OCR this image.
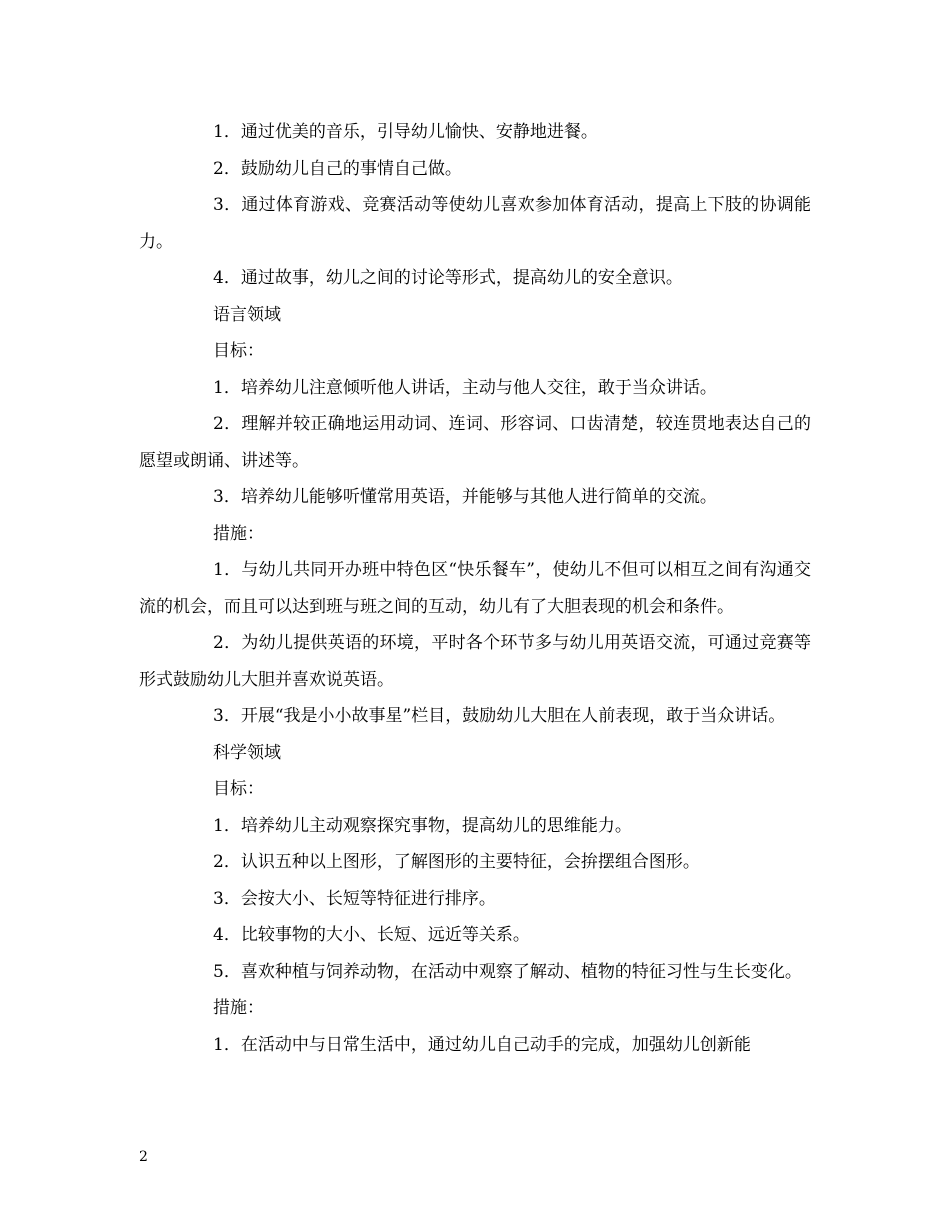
1．通过优美的音乐，引导幼儿愉快、安静地进餐。

2．鼓励幼儿自己的事情自己做。

3．通过体育游戏、竞赛活动等使幼儿喜欢参加体育活动，提高上下肢的协调能力。

4．通过故事，幼儿之间的讨论等形式，提高幼儿的安全意识。

语言领域

目标：

1．培养幼儿注意倾听他人讲话，主动与他人交往，敢于当众讲话。

2．理解并较正确地运用动词、连词、形容词、口齿清楚，较连贯地表达自己的愿望或朗诵、讲述等。

3．培养幼儿能够听懂常用英语，并能够与其他人进行简单的交流。

措施：

1．与幼儿共同开办班中特色区“快乐餐车”，使幼儿不但可以相互之间有沟通交流的机会，而且可以达到班与班之间的互动，幼儿有了大胆表现的机会和条件。

2．为幼儿提供英语的环境，平时各个环节多与幼儿用英语交流，可通过竞赛等形式鼓励幼儿大胆并喜欢说英语。

3．开展“我是小小故事星”栏目，鼓励幼儿大胆在人前表现，敢于当众讲话。

科学领域

目标：

1．培养幼儿主动观察探究事物，提高幼儿的思维能力。

2．认识五种以上图形，了解图形的主要特征，会拚摆组合图形。

3．会按大小、长短等特征进行排序。

4．比较事物的大小、长短、远近等关系。

5．喜欢种植与饲养动物，在活动中观察了解动、植物的特征习性与生长变化。

措施：

1．在活动中与日常生活中，通过幼儿自己动手的完成，加强幼儿创新能

2
